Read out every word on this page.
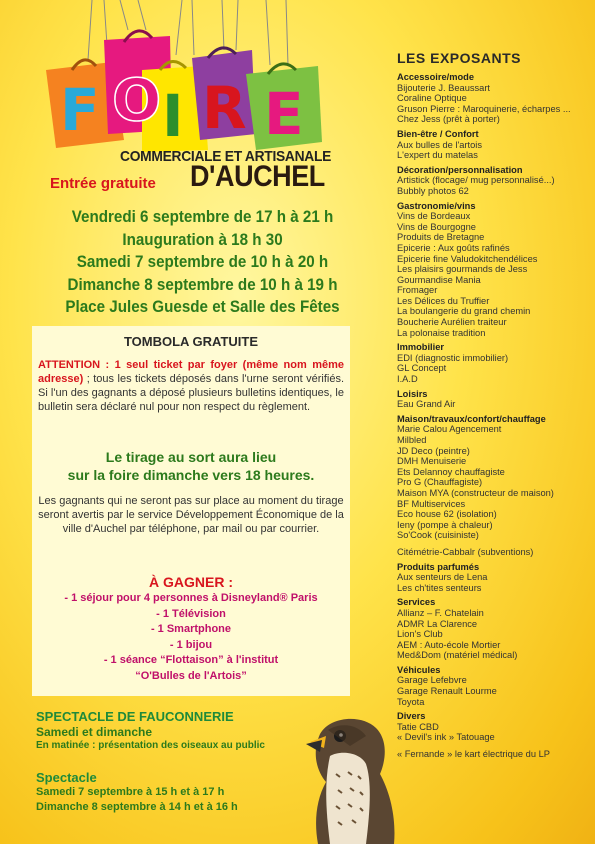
F O I R E
COMMERCIALE ET ARTISANALE
Entrée gratuite D'AUCHEL
Vendredi 6 septembre de 17 h à 21 h
Inauguration à 18 h 30
Samedi 7 septembre de 10 h à 20 h
Dimanche 8 septembre de 10 h à 19 h
Place Jules Guesde et Salle des Fêtes
TOMBOLA GRATUITE
ATTENTION : 1 seul ticket par foyer (même nom même adresse) ; tous les tickets déposés dans l'urne seront vérifiés. Si l'un des gagnants a déposé plusieurs bulletins identiques, le bulletin sera déclaré nul pour non respect du règlement.
Le tirage au sort aura lieu
sur la foire dimanche vers 18 heures.
Les gagnants qui ne seront pas sur place au moment du tirage seront avertis par le service Développement Économique de la ville d'Auchel par téléphone, par mail ou par courrier.
À GAGNER :
- 1 séjour pour 4 personnes à Disneyland® Paris
- 1 Télévision
- 1 Smartphone
- 1 bijou
- 1 séance “Flottaison” à l'institut
“O'Bulles de l'Artois”
SPECTACLE DE FAUCONNERIE
Samedi et dimanche
En matinée : présentation des oiseaux au public
Spectacle
Samedi 7 septembre à 15 h et à 17 h
Dimanche 8 septembre à 14 h et à 16 h
LES EXPOSANTS
Accessoire/mode
Bijouterie J. Beaussart
Coraline Optique
Gruson Pierre : Maroquinerie, écharpes ...
Chez Jess (prêt à porter)
Bien-être / Confort
Aux bulles de l'artois
L'expert du matelas
Décoration/personnalisation
Artistick (flocage/ mug personnalisé...)
Bubbly photos 62
Gastronomie/vins
Vins de Bordeaux
Vins de Bourgogne
Produits de Bretagne
Epicerie : Aux goûts rafinés
Epicerie fine Valudokitchendélices
Les plaisirs gourmands de Jess
Gourmandise Mania
Fromager
Les Délices du Truffier
La boulangerie du grand chemin
Boucherie Aurélien traiteur
La polonaise tradition
Immobilier
EDI (diagnostic immobilier)
GL Concept
I.A.D
Loisirs
Eau Grand Air
Maison/travaux/confort/chauffage
Marie Calou Agencement
Milbled
JD Deco (peintre)
DMH Menuiserie
Ets Delannoy chauffagiste
Pro G (Chauffagiste)
Maison MYA (constructeur de maison)
BF Multiservices
Eco house 62 (isolation)
Ieny (pompe à chaleur)
So'Cook (cuisiniste)
Citémétrie-Cabbalr (subventions)
Produits parfumés
Aux senteurs de Lena
Les ch'tites senteurs
Services
Allianz – F. Chatelain
ADMR La Clarence
Lion's Club
AEM : Auto-école Mortier
Med&Dom (matériel médical)
Véhicules
Garage Lefebvre
Garage Renault Lourme
Toyota
Divers
Tatie CBD
« Devil's ink » Tatouage
« Fernande » le kart électrique du LP
